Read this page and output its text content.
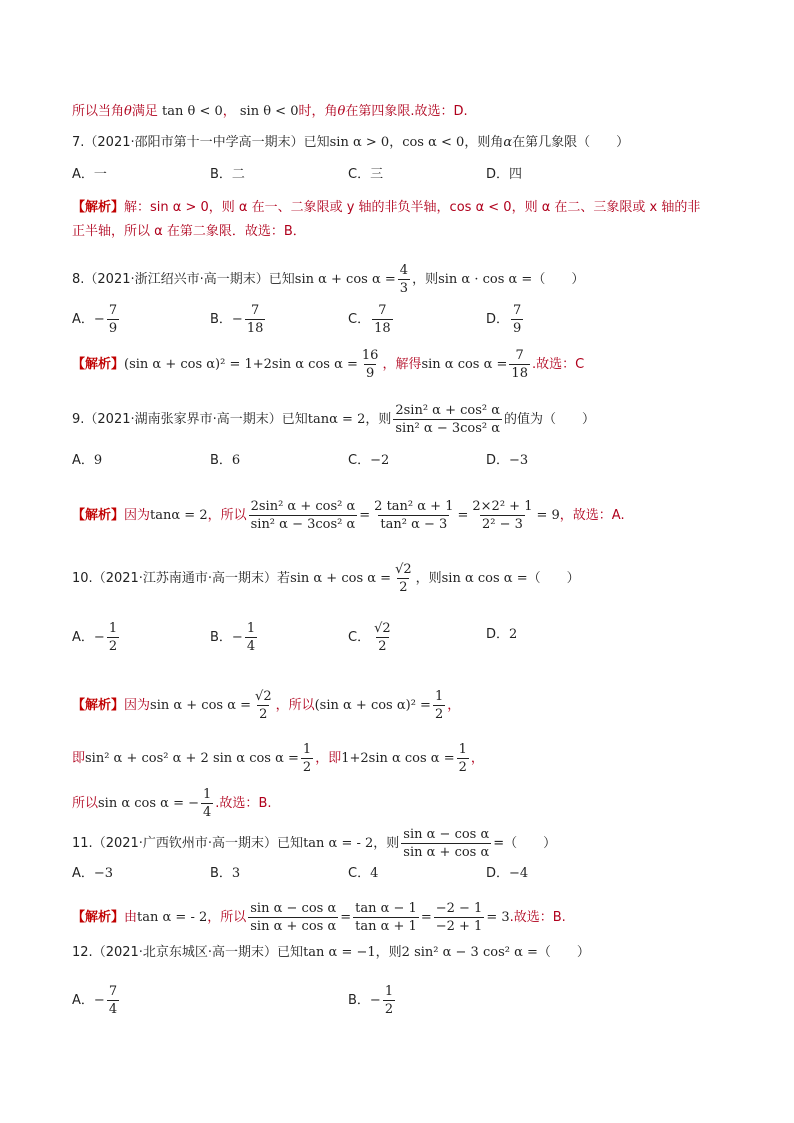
所以当角θ满足 tan θ < 0， sin θ < 0时，角θ在第四象限.故选：D.
7.（2021·邵阳市第十一中学高一期末）已知sin α > 0，cos α < 0，则角α在第几象限（　　）
A．一	B．二	C．三	D．四
【解析】解：sin α > 0，则 α 在一、二象限或 y 轴的非负半轴，cos α < 0，则 α 在二、三象限或 x 轴的非
正半轴，所以 α 在第二象限．故选：B．
8.（2021·浙江绍兴市·高一期末）已知$\sin \alpha + \cos \alpha = \frac{4}{3}$ ，则sin α · cos α =（　　）
A．− $\frac{7}{9}$	B．− $\frac{7}{18}$	C． $\frac{7}{18}$	D． $\frac{7}{9}$
【解析】(sin α + cos α)² = 1+2sin α $\cos \alpha = \frac{16}{9}$ ，解得sin α $\cos \alpha = \frac{7}{18}$ .故选：C
9.（2021·湖南张家界市·高一期末）已知tanα = 2，则 $\frac{\text{2sin² α + cos² α}}{\text{sin² α − 3cos² α}}$ 的值为（　　）
A．9	B．6	C．−2	D．−3
【解析】因为tanα = 2，所以 $\frac{\text{2sin² α + cos² α}}{\text{sin² α − 3cos² α}} = \frac{\text{2 tan² α + 1}}{\text{tan² α − 3}} = \frac{\text{2×2² + 1}}{\text{2² − 3}} = 9$，故选：A.
10.（2021·江苏南通市·高一期末）若$\sin \alpha + \cos \alpha = \frac{√2}{2}$ ，则sin α cos α =（　　）
A．− $\frac{1}{2}$	B．− $\frac{1}{4}$	C． $\frac{√2}{2}$	D．2
【解析】因为$\sin \alpha + \cos \alpha = \frac{√2}{2}$ ，所以(sin $\alpha + \cos \alpha)^2 = \frac{1}{2}$ ，
即sin² α + cos² α + 2 sin α $\cos \alpha = \frac{1}{2}$ ，即1+2sin α $\cos \alpha = \frac{1}{2}$ ，
所以sin α cos α = − $\frac{1}{4}$ .故选：B.
11.（2021·广西钦州市·高一期末）已知tan α = - 2，则 $\frac{\text{sin α − cos α}}{\text{sin α + cos α}}$ =（　　）
A．−3	B．3	C．4	D．−4
【解析】由tan α = - 2，所以 $\frac{\text{sin α − cos α}}{\text{sin α + cos α}} = \frac{\text{tan α − 1}}{\text{tan α + 1}} = \frac{-2 - 1}{-2 + 1} = 3$.故选：B.
12.（2021·北京东城区·高一期末）已知tan α = −1，则2 sin² α − 3 cos² α =（　　）
A．− $\frac{7}{4}$	B．− $\frac{1}{2}$
